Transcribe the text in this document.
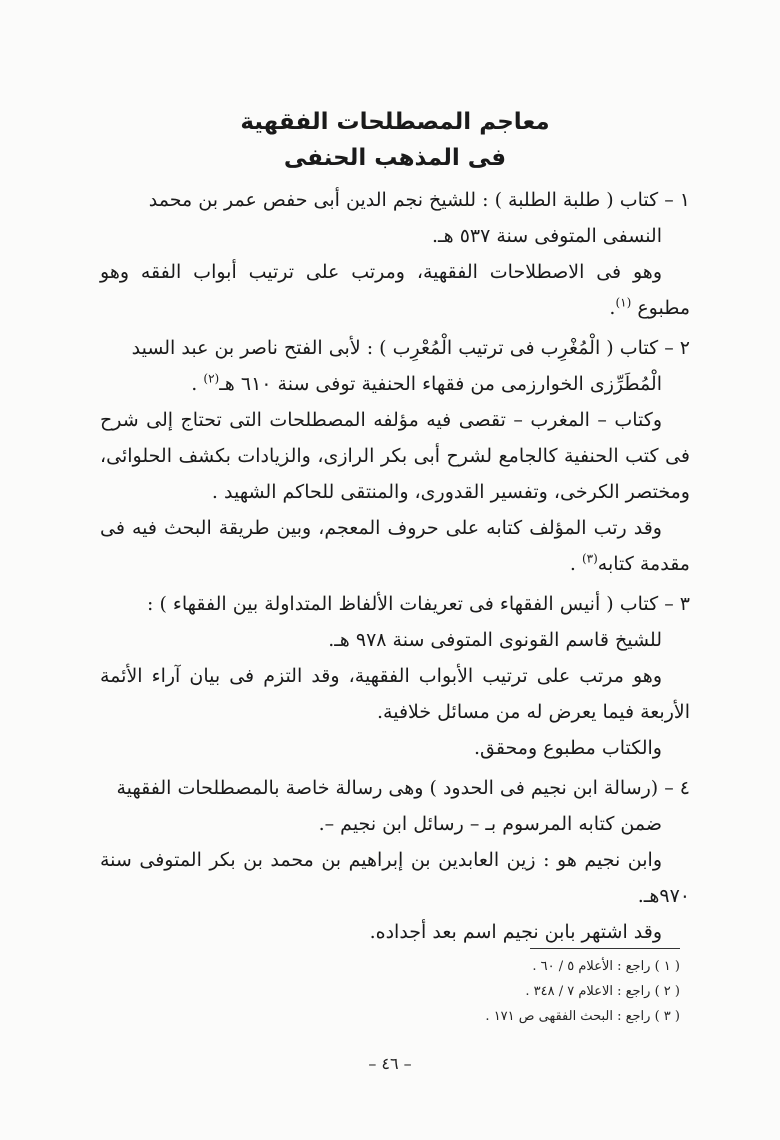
معاجم المصطلحات الفقهية
فى المذهب الحنفى
١ – كتاب ( طلبة الطلبة ) : للشيخ نجم الدين أبى حفص عمر بن محمد
النسفى المتوفى سنة ٥٣٧ هـ.
وهو فى الاصطلاحات الفقهية، ومرتب على ترتيب أبواب الفقه وهو مطبوع $^{(١)}$.
٢ – كتاب ( الْمُغْرِب فى ترتيب الْمُعْرِب ) : لأبى الفتح ناصر بن عبد السيد
الْمُطَرِّزى الخوارزمى من فقهاء الحنفية توفى سنة ٦١٠ هـ$^{(٢)}$ .
وكتاب – المغرب – تقصى فيه مؤلفه المصطلحات التى تحتاج إلى شرح فى كتب الحنفية كالجامع لشرح أبى بكر الرازى، والزيادات بكشف الحلوائى، ومختصر الكرخى، وتفسير القدورى، والمنتقى للحاكم الشهيد .
وقد رتب المؤلف كتابه على حروف المعجم، وبين طريقة البحث فيه فى مقدمة كتابه$^{(٣)}$ .
٣ – كتاب ( أنيس الفقهاء فى تعريفات الألفاظ المتداولة بين الفقهاء ) :
للشيخ قاسم القونوى المتوفى سنة ٩٧٨ هـ.
وهو مرتب على ترتيب الأبواب الفقهية، وقد التزم فى بيان آراء الأئمة الأربعة فيما يعرض له من مسائل خلافية.
والكتاب مطبوع ومحقق.
٤ – (رسالة ابن نجيم فى الحدود ) وهى رسالة خاصة بالمصطلحات الفقهية
ضمن كتابه المرسوم بـ – رسائل ابن نجيم –.
وابن نجيم هو : زين العابدين بن إبراهيم بن محمد بن بكر المتوفى سنة ٩٧٠هـ.
وقد اشتهر بابن نجيم اسم بعد أجداده.
( ١ ) راجع : الأعلام ٥ / ٦٠ .
( ٢ ) راجع : الاعلام ٧ / ٣٤٨ .
( ٣ ) راجع : البحث الفقهى ص ١٧١ .
– ٤٦ –
